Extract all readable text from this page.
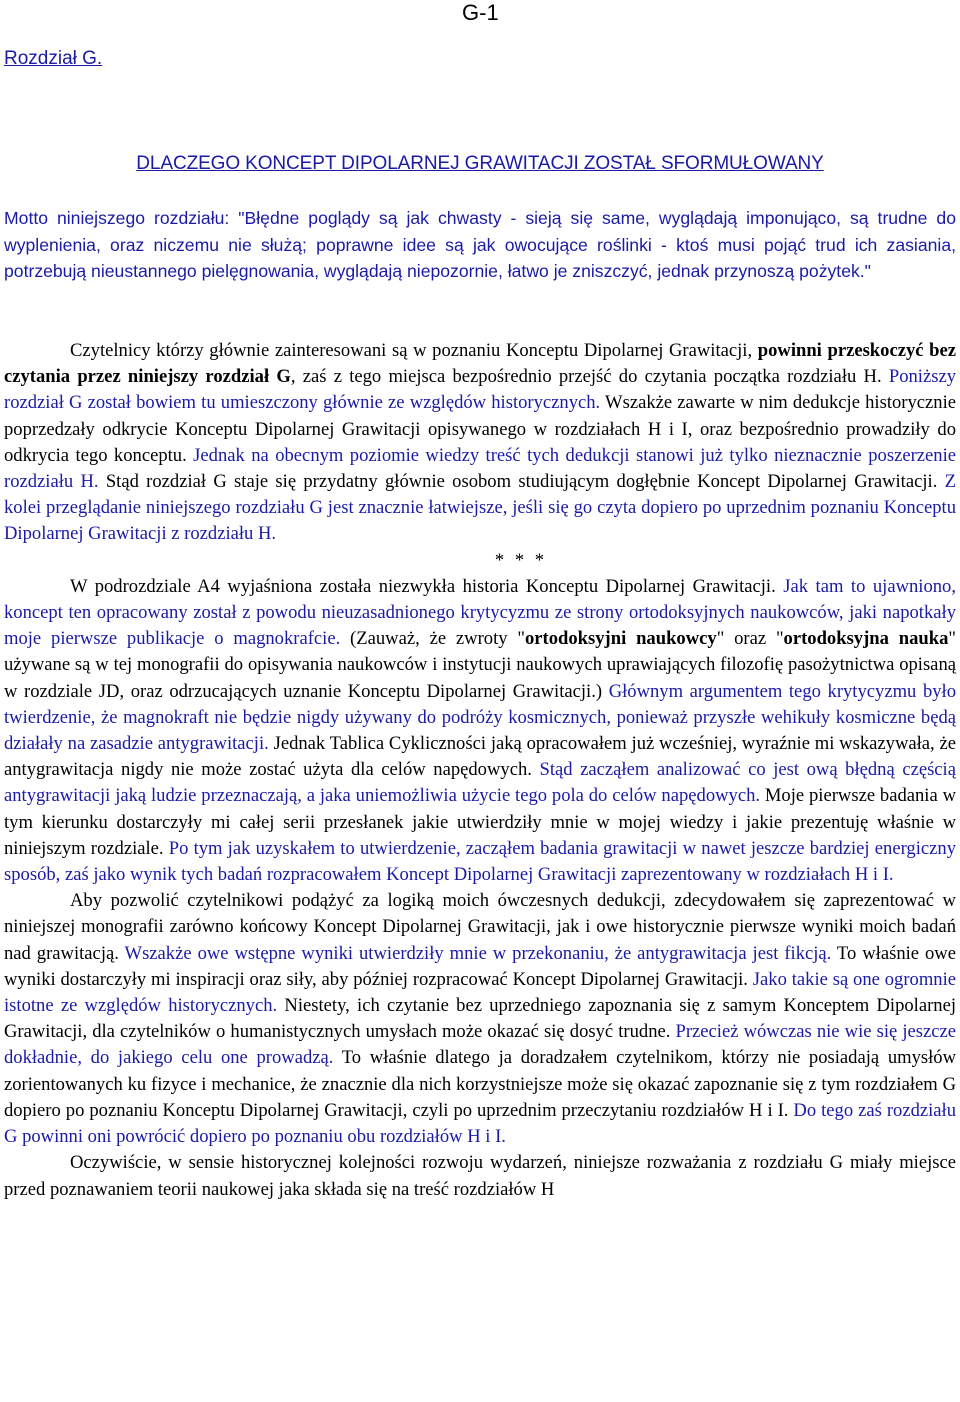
G-1
Rozdział G.
DLACZEGO KONCEPT DIPOLARNEJ GRAWITACJI ZOSTAŁ SFORMUŁOWANY

Motto niniejszego rozdziału: "Błędne poglądy są jak chwasty - sieją się same, wyglądają imponująco, są trudne do wyplenienia, oraz niczemu nie służą; poprawne idee są jak owocujące roślinki - ktoś musi pojąć trud ich zasiania, potrzebują nieustannego pielęgnowania, wyglądają niepozornie, łatwo je zniszczyć, jednak przynoszą pożytek."

Czytelnicy którzy głównie zainteresowani są w poznaniu Konceptu Dipolarnej Grawitacji, powinni przeskoczyć bez czytania przez niniejszy rozdział G, zaś z tego miejsca bezpośrednio przejść do czytania początka rozdziału H. Poniższy rozdział G został bowiem tu umieszczony głównie ze względów historycznych. Wszakże zawarte w nim dedukcje historycznie poprzedzały odkrycie Konceptu Dipolarnej Grawitacji opisywanego w rozdziałach H i I, oraz bezpośrednio prowadziły do odkrycia tego konceptu. Jednak na obecnym poziomie wiedzy treść tych dedukcji stanowi już tylko nieznacznie poszerzenie rozdziału H. Stąd rozdział G staje się przydatny głównie osobom studiującym dogłębnie Koncept Dipolarnej Grawitacji. Z kolei przeglądanie niniejszego rozdziału G jest znacznie łatwiejsze, jeśli się go czyta dopiero po uprzednim poznaniu Konceptu Dipolarnej Grawitacji z rozdziału H.

* * *

W podrozdziale A4 wyjaśniona została niezwykła historia Konceptu Dipolarnej Grawitacji. Jak tam to ujawniono, koncept ten opracowany został z powodu nieuzasadnionego krytycyzmu ze strony ortodoksyjnych naukowców, jaki napotkały moje pierwsze publikacje o magnokrafcie. (Zauważ, że zwroty "ortodoksyjni naukowcy" oraz "ortodoksyjna nauka" używane są w tej monografii do opisywania naukowców i instytucji naukowych uprawiających filozofię pasożytnictwa opisaną w rozdziale JD, oraz odrzucających uznanie Konceptu Dipolarnej Grawitacji.) Głównym argumentem tego krytycyzmu było twierdzenie, że magnokraft nie będzie nigdy używany do podróży kosmicznych, ponieważ przyszłe wehikuły kosmiczne będą działały na zasadzie antygrawitacji. Jednak Tablica Cykliczności jaką opracowałem już wcześniej, wyraźnie mi wskazywała, że antygrawitacja nigdy nie może zostać użyta dla celów napędowych. Stąd zacząłem analizować co jest ową błędną częścią antygrawitacji jaką ludzie przeznaczają, a jaka uniemożliwia użycie tego pola do celów napędowych. Moje pierwsze badania w tym kierunku dostarczyły mi całej serii przesłanek jakie utwierdziły mnie w mojej wiedzy i jakie prezentuję właśnie w niniejszym rozdziale. Po tym jak uzyskałem to utwierdzenie, zacząłem badania grawitacji w nawet jeszcze bardziej energiczny sposób, zaś jako wynik tych badań rozpracowałem Koncept Dipolarnej Grawitacji zaprezentowany w rozdziałach H i I.

Aby pozwolić czytelnikowi podążyć za logiką moich ówczesnych dedukcji, zdecydowałem się zaprezentować w niniejszej monografii zarówno końcowy Koncept Dipolarnej Grawitacji, jak i owe historycznie pierwsze wyniki moich badań nad grawitacją. Wszakże owe wstępne wyniki utwierdziły mnie w przekonaniu, że antygrawitacja jest fikcją. To właśnie owe wyniki dostarczyły mi inspiracji oraz siły, aby później rozpracować Koncept Dipolarnej Grawitacji. Jako takie są one ogromnie istotne ze względów historycznych. Niestety, ich czytanie bez uprzedniego zapoznania się z samym Konceptem Dipolarnej Grawitacji, dla czytelników o humanistycznych umysłach może okazać się dosyć trudne. Przecież wówczas nie wie się jeszcze dokładnie, do jakiego celu one prowadzą. To właśnie dlatego ja doradzałem czytelnikom, którzy nie posiadają umysłów zorientowanych ku fizyce i mechanice, że znacznie dla nich korzystniejsze może się okazać zapoznanie się z tym rozdziałem G dopiero po poznaniu Konceptu Dipolarnej Grawitacji, czyli po uprzednim przeczytaniu rozdziałów H i I. Do tego zaś rozdziału G powinni oni powrócić dopiero po poznaniu obu rozdziałów H i I.

Oczywiście, w sensie historycznej kolejności rozwoju wydarzeń, niniejsze rozważania z rozdziału G miały miejsce przed poznawaniem teorii naukowej jaka składa się na treść rozdziałów H
